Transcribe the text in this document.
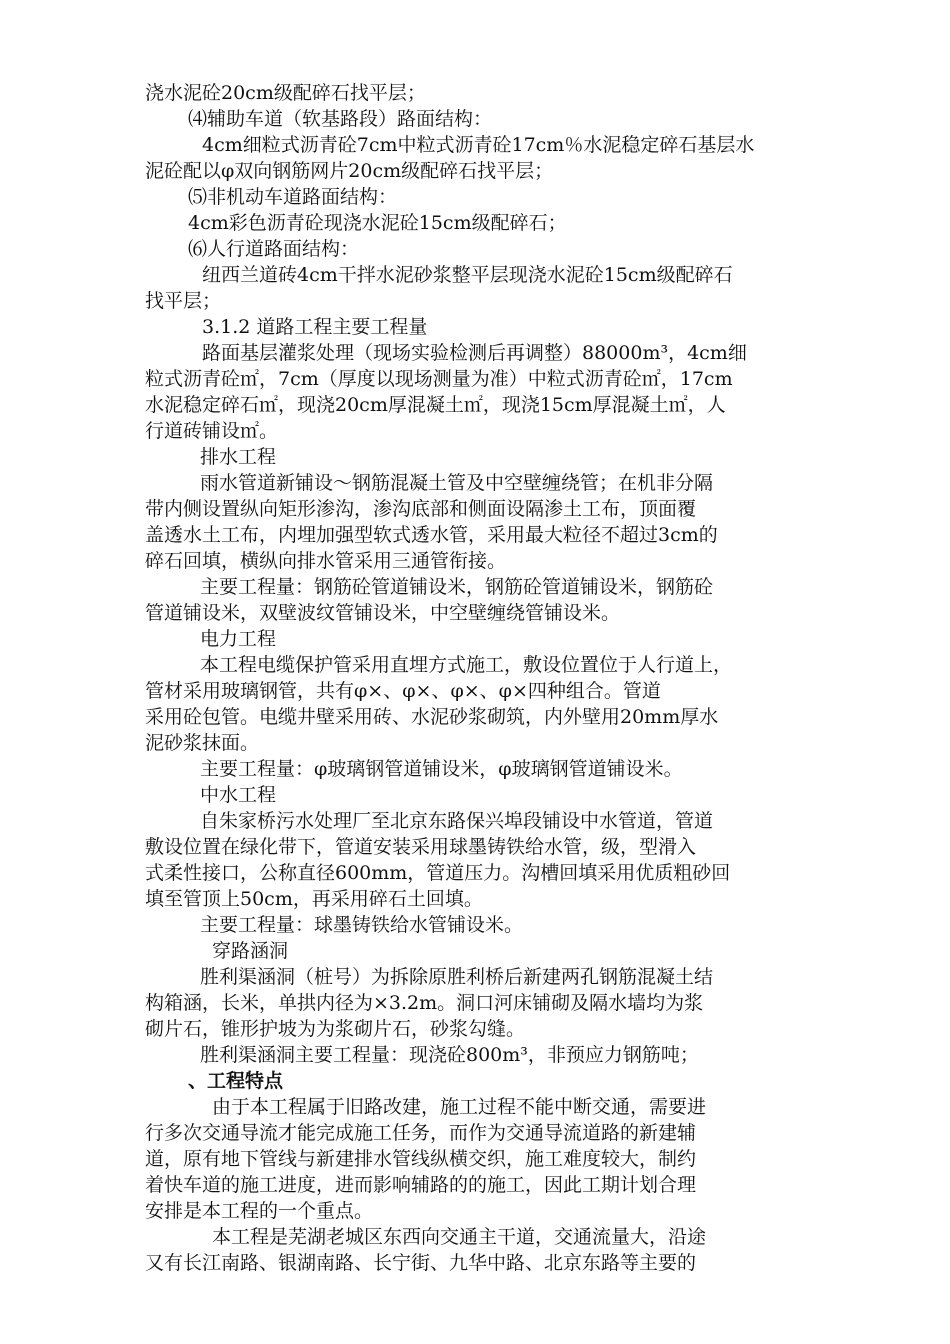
浇水泥砼20cm级配碎石找平层；
⑷辅助车道（软基路段）路面结构：
4cm细粒式沥青砼7cm中粒式沥青砼17cm％水泥稳定碎石基层水
泥砼配以φ双向钢筋网片20cm级配碎石找平层；
⑸非机动车道路面结构：
4cm彩色沥青砼现浇水泥砼15cm级配碎石；
⑹人行道路面结构：
纽西兰道砖4cm干拌水泥砂浆整平层现浇水泥砼15cm级配碎石
找平层；
3.1.2 道路工程主要工程量
路面基层灌浆处理（现场实验检测后再调整）88000m³，4cm细
粒式沥青砼㎡，7cm（厚度以现场测量为准）中粒式沥青砼㎡，17cm
水泥稳定碎石㎡，现浇20cm厚混凝土㎡，现浇15cm厚混凝土㎡，人
行道砖铺设㎡。
排水工程
雨水管道新铺设～钢筋混凝土管及中空壁缠绕管；在机非分隔
带内侧设置纵向矩形渗沟，渗沟底部和侧面设隔渗土工布，顶面覆
盖透水土工布，内埋加强型软式透水管，采用最大粒径不超过3cm的
碎石回填，横纵向排水管采用三通管衔接。
主要工程量：钢筋砼管道铺设米，钢筋砼管道铺设米，钢筋砼
管道铺设米，双壁波纹管铺设米，中空壁缠绕管铺设米。
电力工程
本工程电缆保护管采用直埋方式施工，敷设位置位于人行道上，
管材采用玻璃钢管，共有φ×、φ×、φ×、φ×四种组合。管道
采用砼包管。电缆井壁采用砖、水泥砂浆砌筑，内外壁用20mm厚水
泥砂浆抹面。
主要工程量：φ玻璃钢管道铺设米，φ玻璃钢管道铺设米。
中水工程
自朱家桥污水处理厂至北京东路保兴埠段铺设中水管道，管道
敷设位置在绿化带下，管道安装采用球墨铸铁给水管，级，型滑入
式柔性接口，公称直径600mm，管道压力。沟槽回填采用优质粗砂回
填至管顶上50cm，再采用碎石土回填。
主要工程量：球墨铸铁给水管铺设米。
穿路涵洞
胜利渠涵洞（桩号）为拆除原胜利桥后新建两孔钢筋混凝土结
构箱涵，长米，单拱内径为×3.2m。洞口河床铺砌及隔水墙均为浆
砌片石，锥形护坡为为浆砌片石，砂浆勾缝。
胜利渠涵洞主要工程量：现浇砼800m³，非预应力钢筋吨；
、工程特点
由于本工程属于旧路改建，施工过程不能中断交通，需要进
行多次交通导流才能完成施工任务，而作为交通导流道路的新建辅
道，原有地下管线与新建排水管线纵横交织，施工难度较大，制约
着快车道的施工进度，进而影响辅路的的施工，因此工期计划合理
安排是本工程的一个重点。
本工程是芜湖老城区东西向交通主干道，交通流量大，沿途
又有长江南路、银湖南路、长宁街、九华中路、北京东路等主要的
